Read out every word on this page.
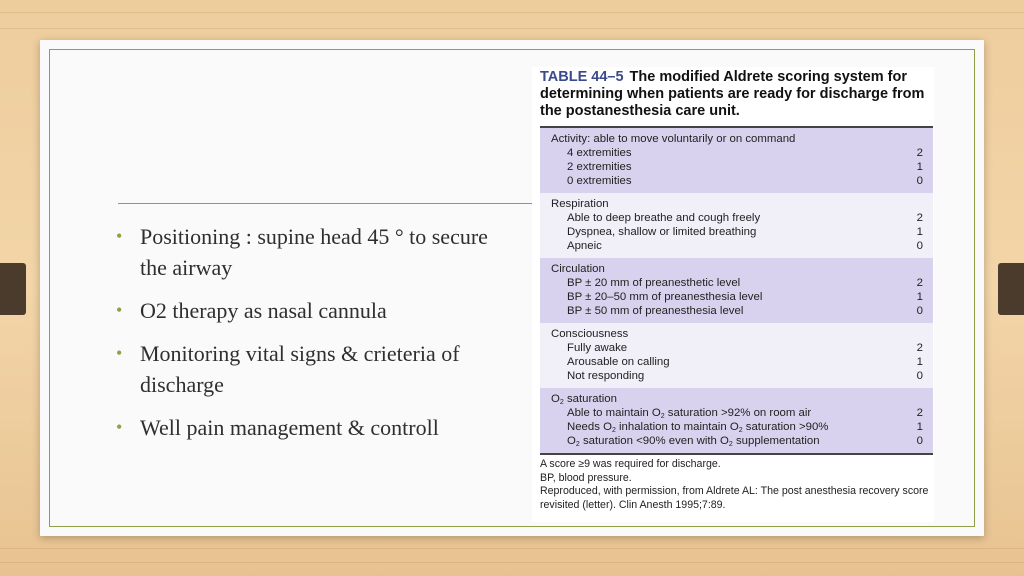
• Positioning : supine head 45 ° to secure the airway
• O2 therapy as nasal cannula
• Monitoring vital signs & crieteria of discharge
• Well pain management & controll
TABLE 44–5 The modified Aldrete scoring system for determining when patients are ready for discharge from the postanesthesia care unit.
Activity: able to move voluntarily or on command
4 extremities	2
2 extremities	1
0 extremities	0
Respiration
Able to deep breathe and cough freely	2
Dyspnea, shallow or limited breathing	1
Apneic	0
Circulation
BP ± 20 mm of preanesthetic level	2
BP ± 20–50 mm of preanesthesia level	1
BP ± 50 mm of preanesthesia level	0
Consciousness
Fully awake	2
Arousable on calling	1
Not responding	0
$O_2$ saturation
Able to maintain $O_2$ saturation >92% on room air	2
Needs $O_2$ inhalation to maintain $O_2$ saturation >90%	1
$O_2$ saturation <90% even with $O_2$ supplementation	0
A score ≥9 was required for discharge.
BP, blood pressure.
Reproduced, with permission, from Aldrete AL: The post anesthesia recovery score revisited (letter). Clin Anesth 1995;7:89.
